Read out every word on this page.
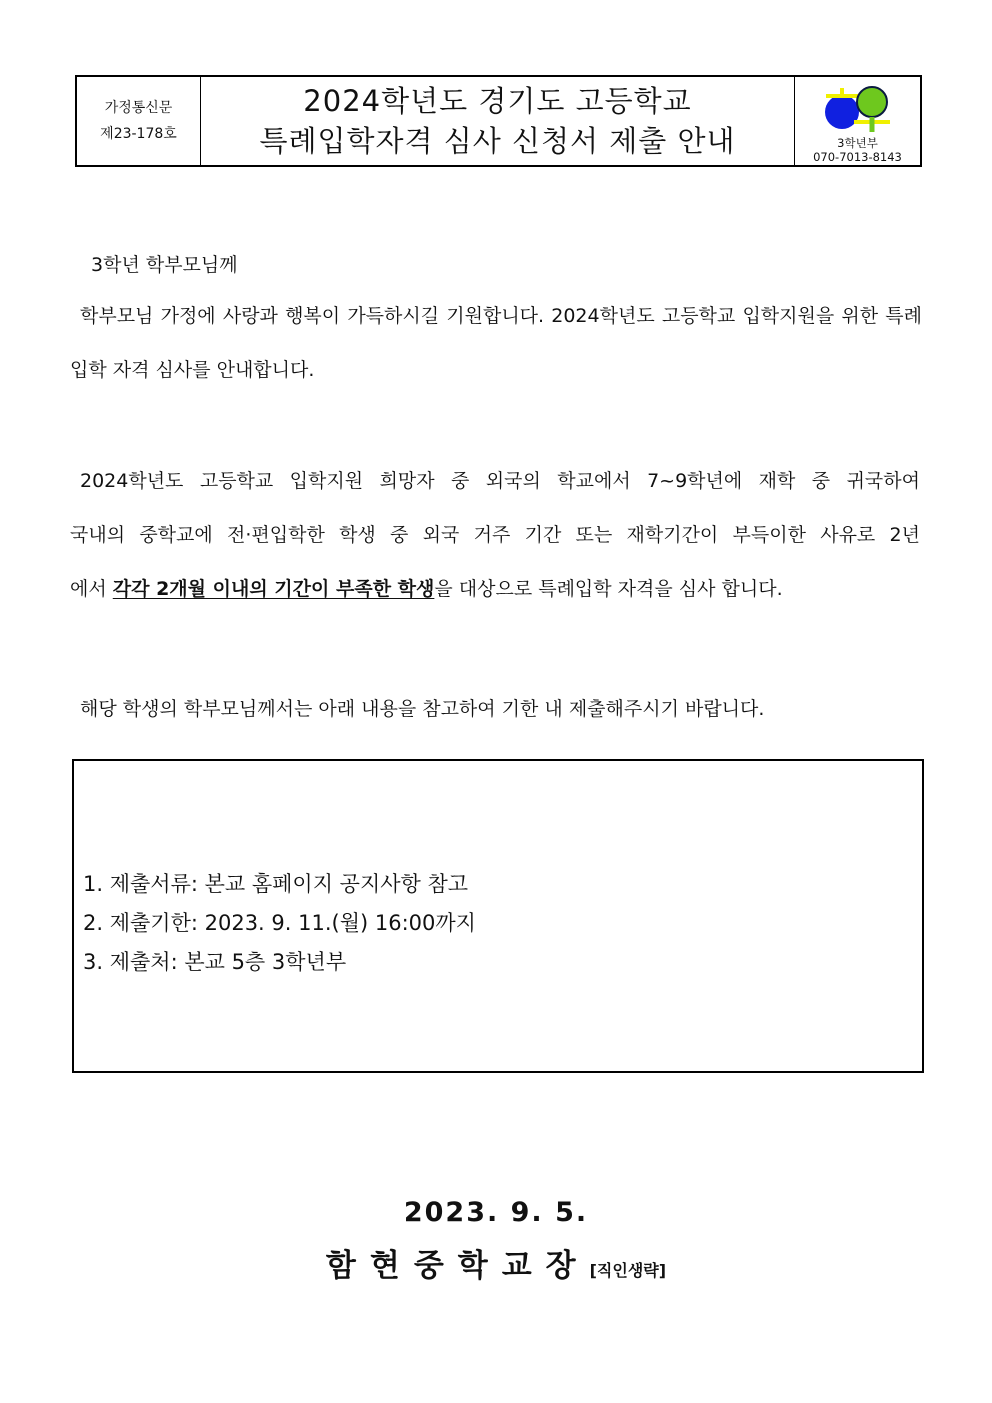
가정통신문
제23-178호
2024학년도 경기도 고등학교
특례입학자격 심사 신청서 제출 안내	3학년부
070-7013-8143
3학년 학부모님께

학부모님 가정에 사랑과 행복이 가득하시길 기원합니다. 2024학년도 고등학교 입학지원을 위한 특례입학 자격 심사를 안내합니다.

2024학년도 고등학교 입학지원 희망자 중 외국의 학교에서 7~9학년에 재학 중 귀국하여
국내의 중학교에 전·편입학한 학생 중 외국 거주 기간 또는 재학기간이 부득이한 사유로 2년
에서 각각 2개월 이내의 기간이 부족한 학생을 대상으로 특례입학 자격을 심사 합니다.
해당 학생의 학부모님께서는 아래 내용을 참고하여 기한 내 제출해주시기 바랍니다.
1. 제출서류: 본교 홈페이지 공지사항 참고
2. 제출기한: 2023. 9. 11.(월) 16:00까지
3. 제출처: 본교 5층 3학년부
2023. 9. 5.
함현중학교장[직인생략]
